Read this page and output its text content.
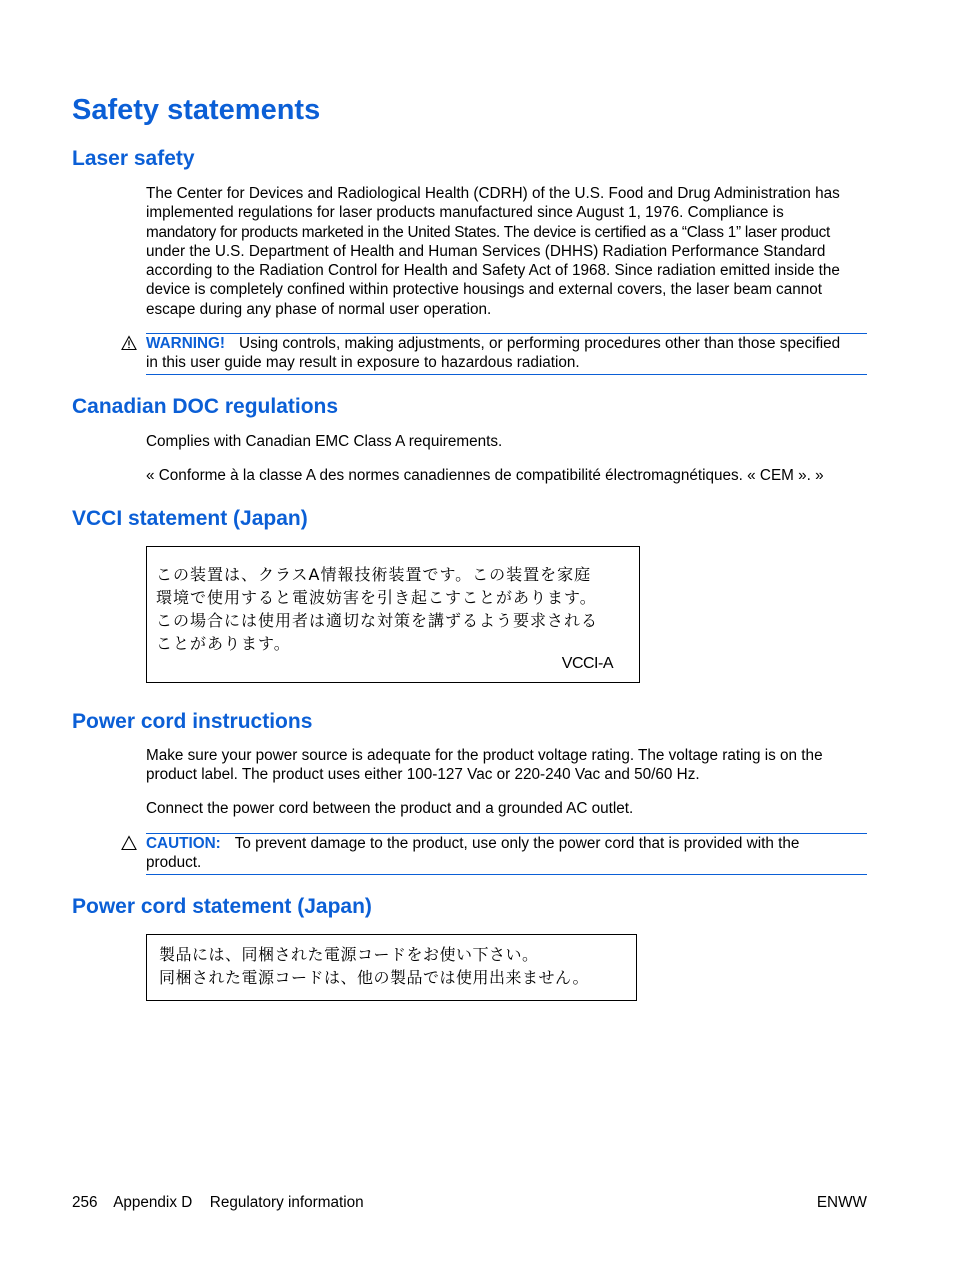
Safety statements
Laser safety
The Center for Devices and Radiological Health (CDRH) of the U.S. Food and Drug Administration has
implemented regulations for laser products manufactured since August 1, 1976. Compliance is
mandatory for products marketed in the United States. The device is certified as a “Class 1” laser product
under the U.S. Department of Health and Human Services (DHHS) Radiation Performance Standard
according to the Radiation Control for Health and Safety Act of 1968. Since radiation emitted inside the
device is completely confined within protective housings and external covers, the laser beam cannot
escape during any phase of normal user operation.
WARNING! Using controls, making adjustments, or performing procedures other than those specified
in this user guide may result in exposure to hazardous radiation.
Canadian DOC regulations
Complies with Canadian EMC Class A requirements.
« Conforme à la classe A des normes canadiennes de compatibilité électromagnétiques. « CEM ». »
VCCI statement (Japan)
この装置は、クラスA情報技術装置です。この装置を家庭
環境で使用すると電波妨害を引き起こすことがあります。
この場合には使用者は適切な対策を講ずるよう要求される
ことがあります。
VCCI-A
Power cord instructions
Make sure your power source is adequate for the product voltage rating. The voltage rating is on the
product label. The product uses either 100-127 Vac or 220-240 Vac and 50/60 Hz.
Connect the power cord between the product and a grounded AC outlet.
CAUTION: To prevent damage to the product, use only the power cord that is provided with the
product.
Power cord statement (Japan)
製品には、同梱された電源コードをお使い下さい。
同梱された電源コードは、他の製品では使用出来ません。
256 Appendix D Regulatory information	ENWW
